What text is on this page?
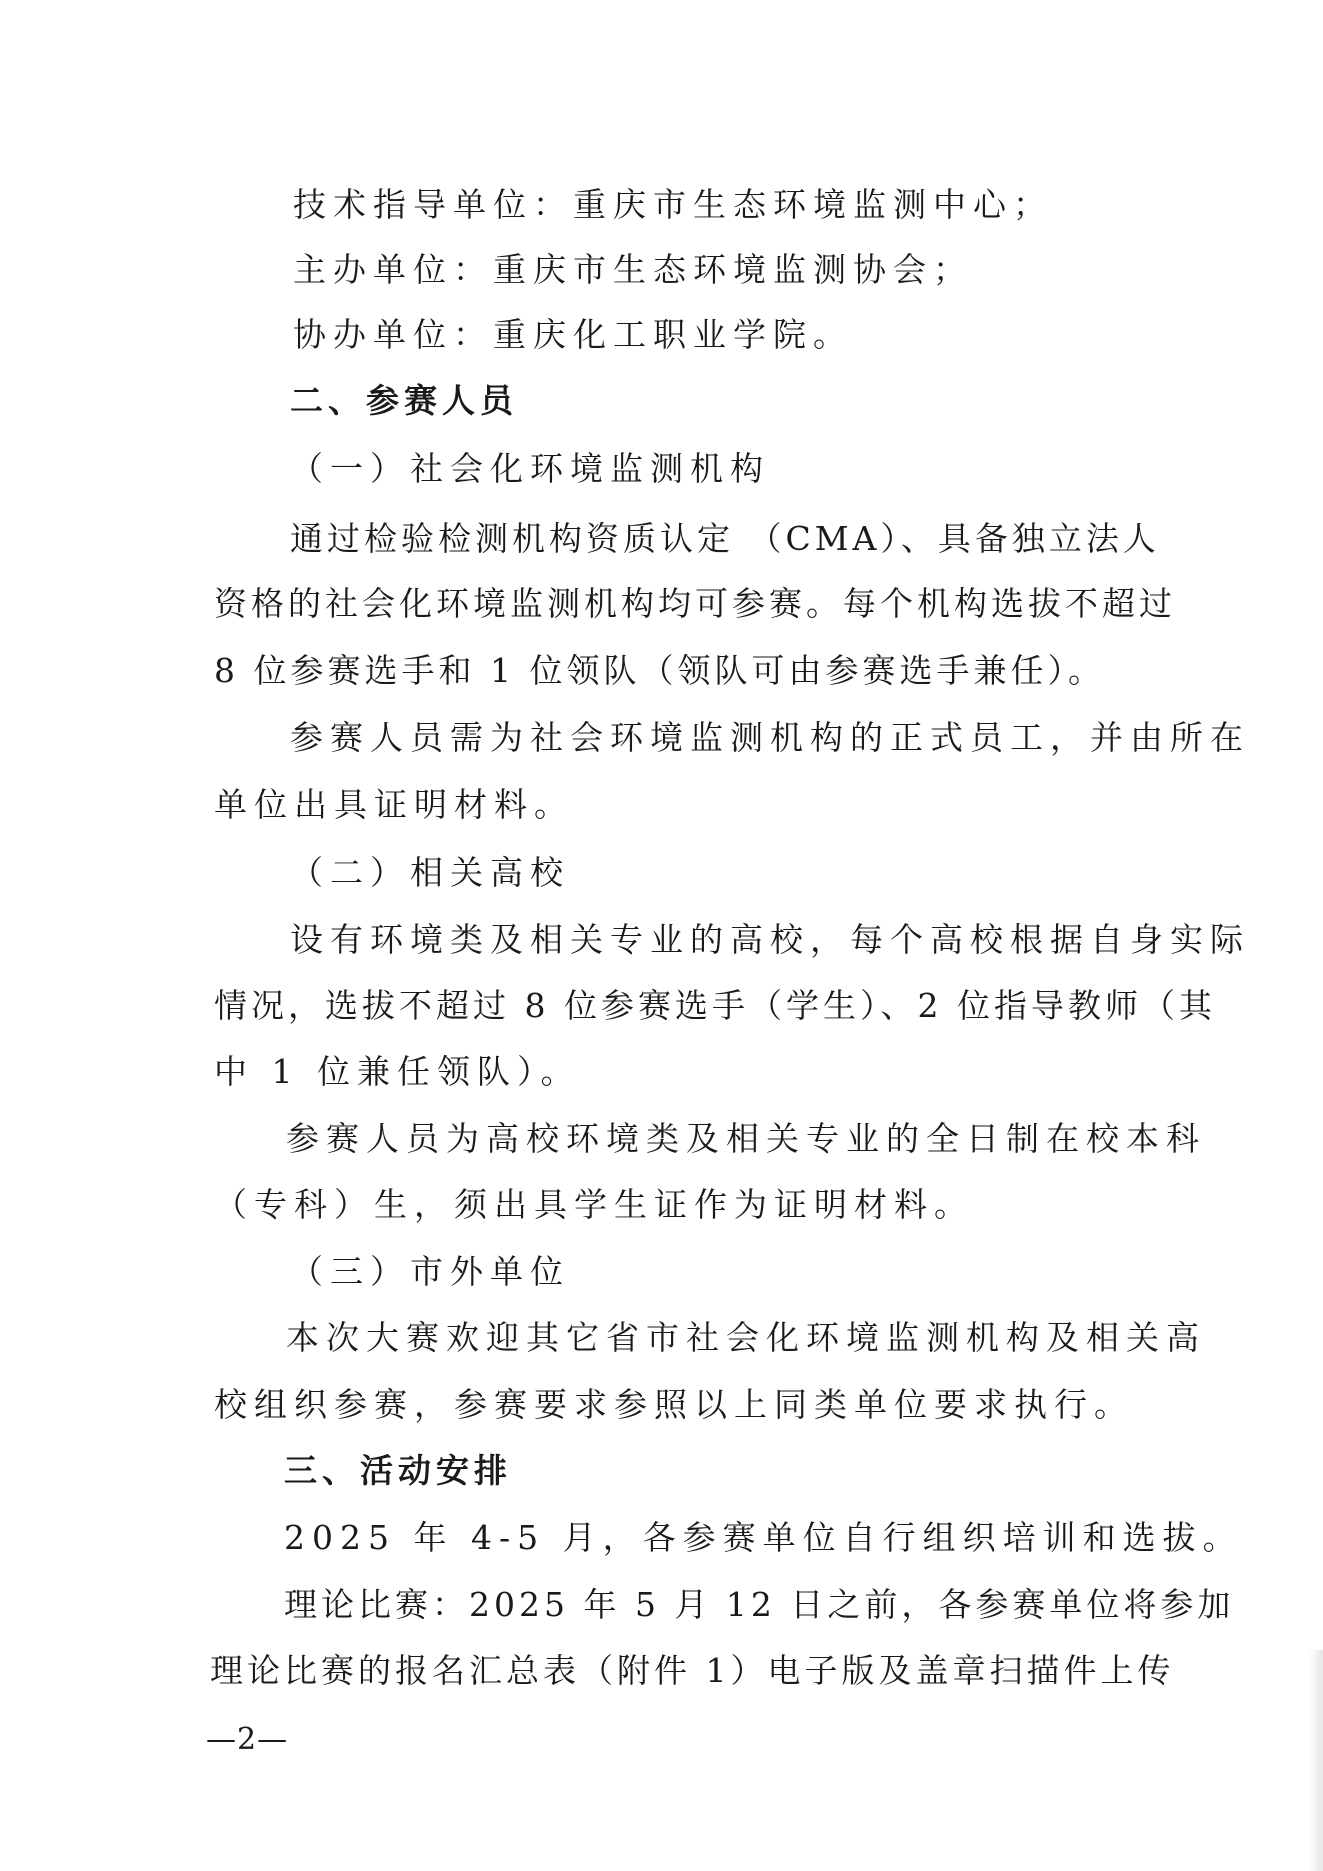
技术指导单位：重庆市生态环境监测中心；
主办单位：重庆市生态环境监测协会；
协办单位：重庆化工职业学院。
二、参赛人员
（一）社会化环境监测机构
通过检验检测机构资质认定 （CMA）、具备独立法人
资格的社会化环境监测机构均可参赛。每个机构选拔不超过
8 位参赛选手和 1 位领队（领队可由参赛选手兼任）。
参赛人员需为社会环境监测机构的正式员工，并由所在
单位出具证明材料。
（二）相关高校
设有环境类及相关专业的高校，每个高校根据自身实际
情况，选拔不超过 8 位参赛选手（学生）、2 位指导教师（其
中 1 位兼任领队）。
参赛人员为高校环境类及相关专业的全日制在校本科
（专科）生，须出具学生证作为证明材料。
（三）市外单位
本次大赛欢迎其它省市社会化环境监测机构及相关高
校组织参赛，参赛要求参照以上同类单位要求执行。
三、活动安排
2025 年 4-5 月，各参赛单位自行组织培训和选拔。
理论比赛：2025 年 5 月 12 日之前，各参赛单位将参加
理论比赛的报名汇总表（附件 1）电子版及盖章扫描件上传
—2—
